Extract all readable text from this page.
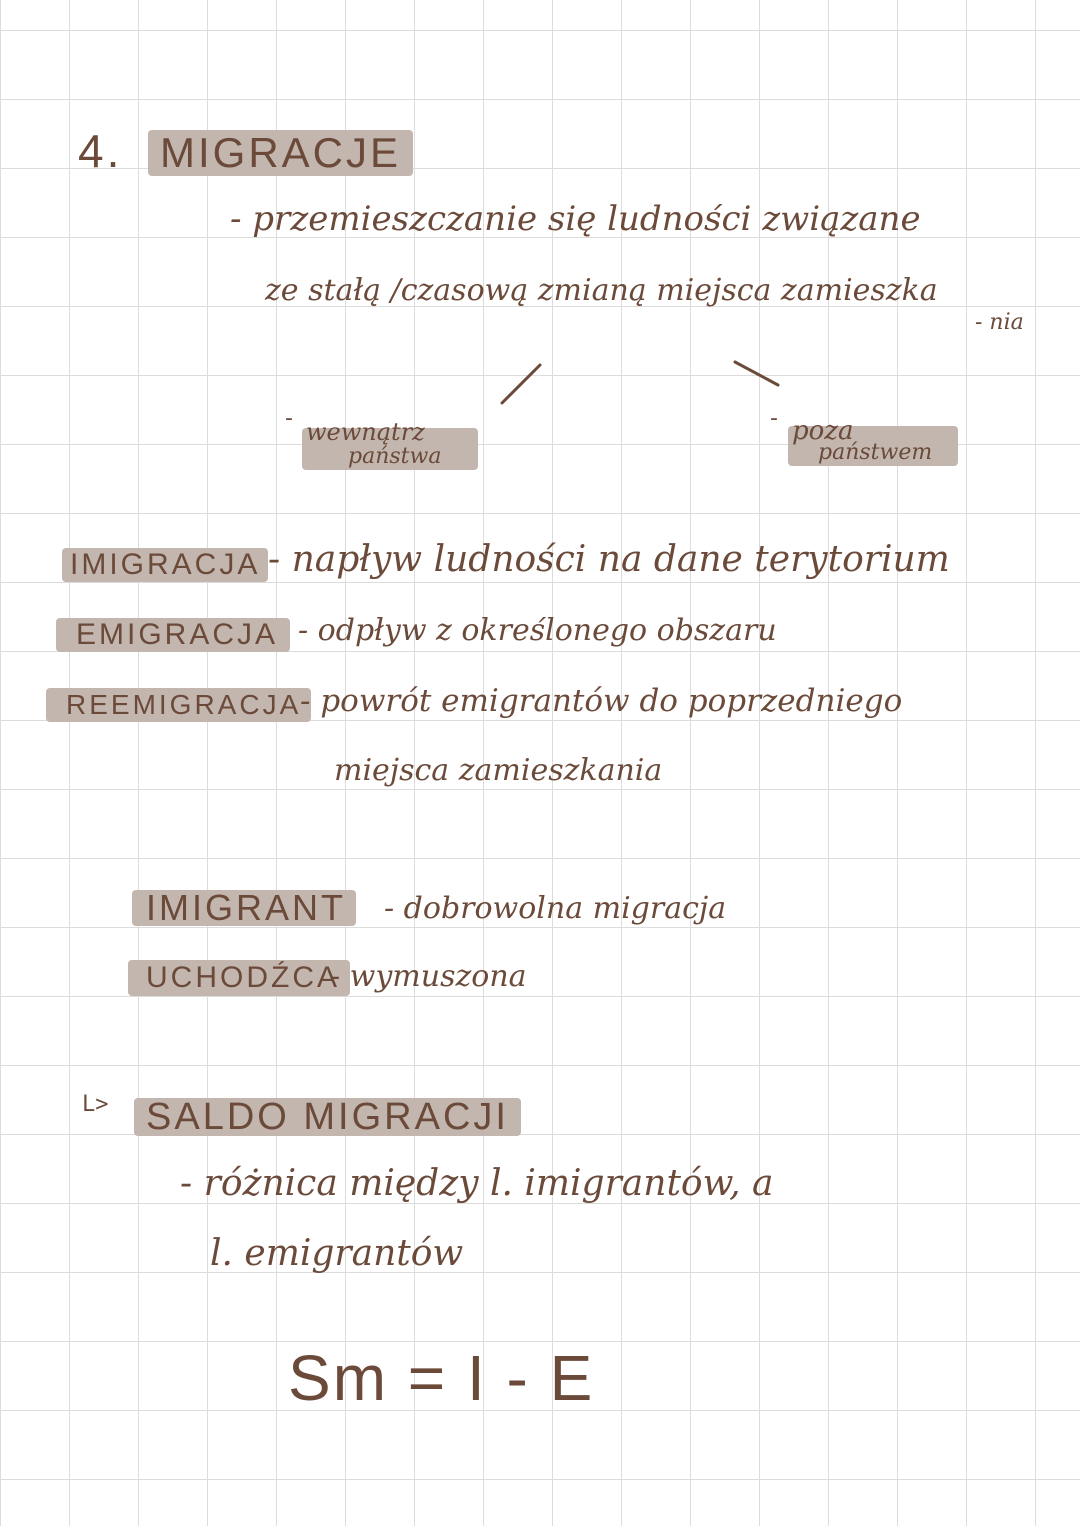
4. MIGRACJE
- przemieszczanie się ludności związane
ze stałą /czasową zmianą miejsca zamieszka
- nia
- wewnątrz
państwa
- poza
państwem
IMIGRACJA - napływ ludności na dane terytorium
EMIGRACJA - odpływ z określonego obszaru
REEMIGRACJA
- powrót emigrantów do poprzedniego
miejsca zamieszkania
IMIGRANT	- dobrowolna migracja
UCHODŹCA
- wymuszona
L> SALDO MIGRACJI
- różnica między l. imigrantów, a
l. emigrantów
Sm = I - E
